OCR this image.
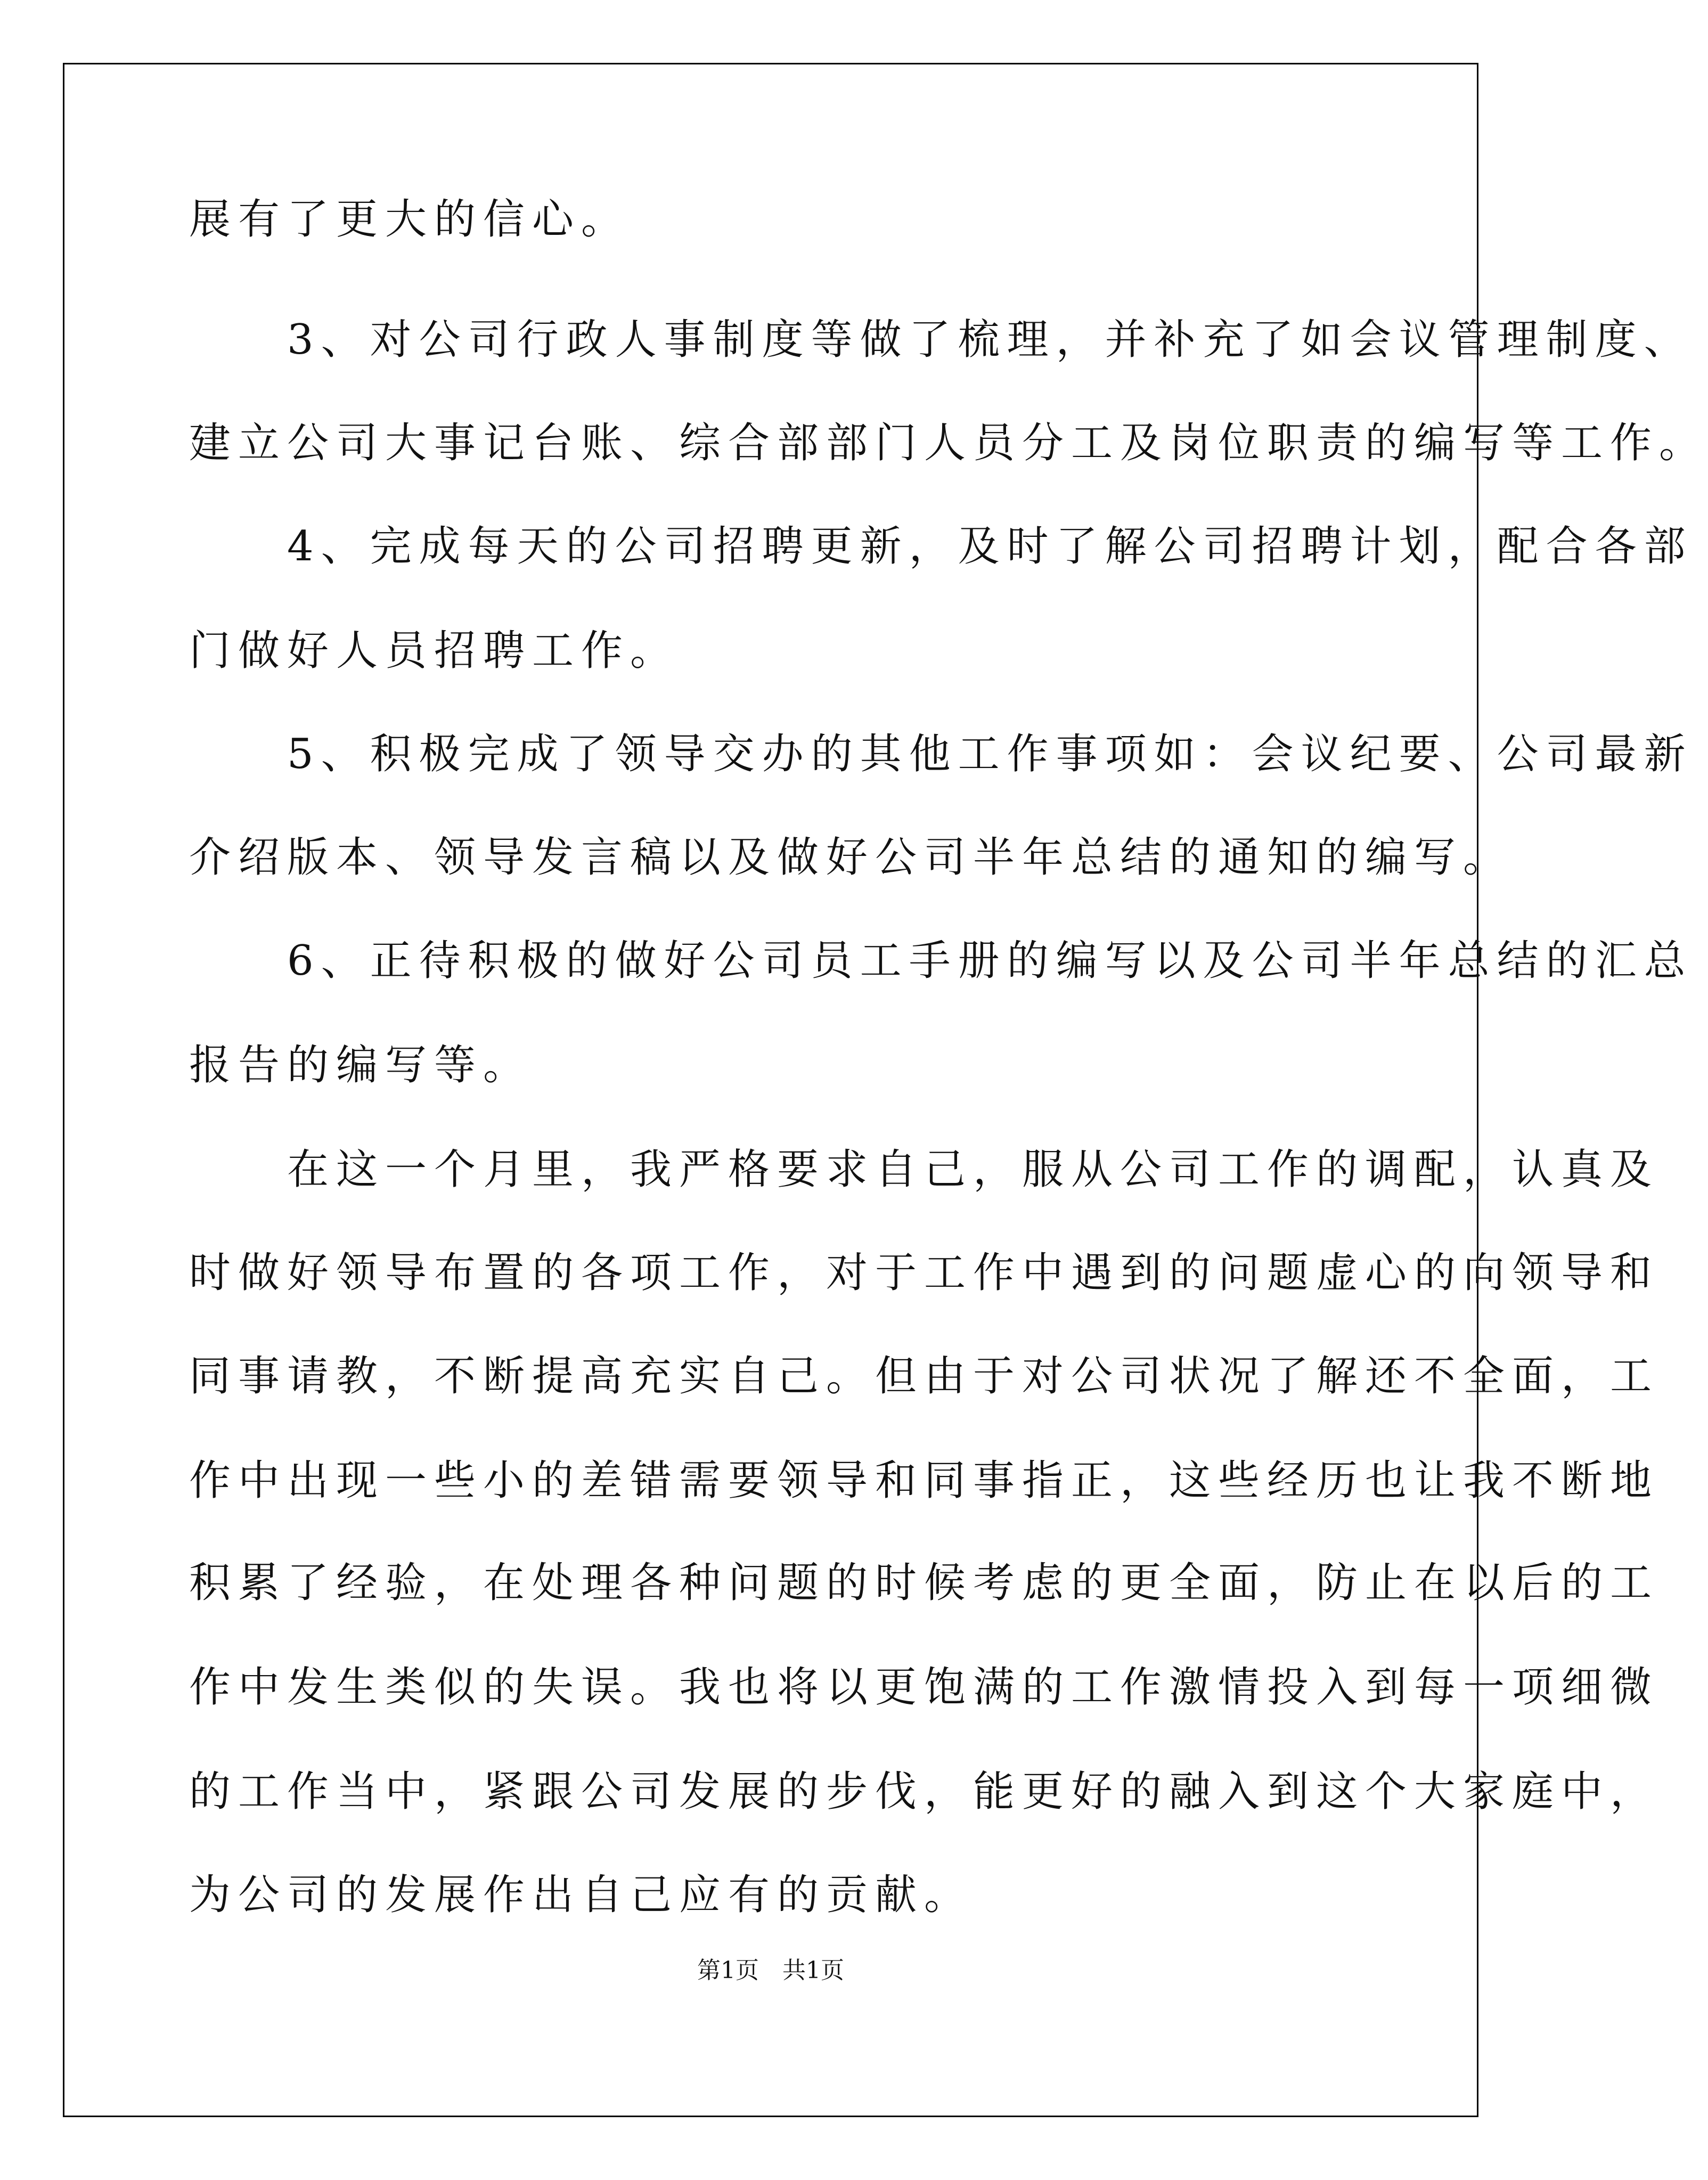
展有了更大的信心。

　　3、对公司行政人事制度等做了梳理，并补充了如会议管理制度、

建立公司大事记台账、综合部部门人员分工及岗位职责的编写等工作。

　　4、完成每天的公司招聘更新，及时了解公司招聘计划，配合各部

门做好人员招聘工作。

　　5、积极完成了领导交办的其他工作事项如：会议纪要、公司最新

介绍版本、领导发言稿以及做好公司半年总结的通知的编写。

　　6、正待积极的做好公司员工手册的编写以及公司半年总结的汇总

报告的编写等。

　　在这一个月里，我严格要求自己，服从公司工作的调配，认真及

时做好领导布置的各项工作，对于工作中遇到的问题虚心的向领导和

同事请教，不断提高充实自己。但由于对公司状况了解还不全面，工

作中出现一些小的差错需要领导和同事指正，这些经历也让我不断地

积累了经验，在处理各种问题的时候考虑的更全面，防止在以后的工

作中发生类似的失误。我也将以更饱满的工作激情投入到每一项细微

的工作当中，紧跟公司发展的步伐，能更好的融入到这个大家庭中，

为公司的发展作出自己应有的贡献。

第1页　共1页
